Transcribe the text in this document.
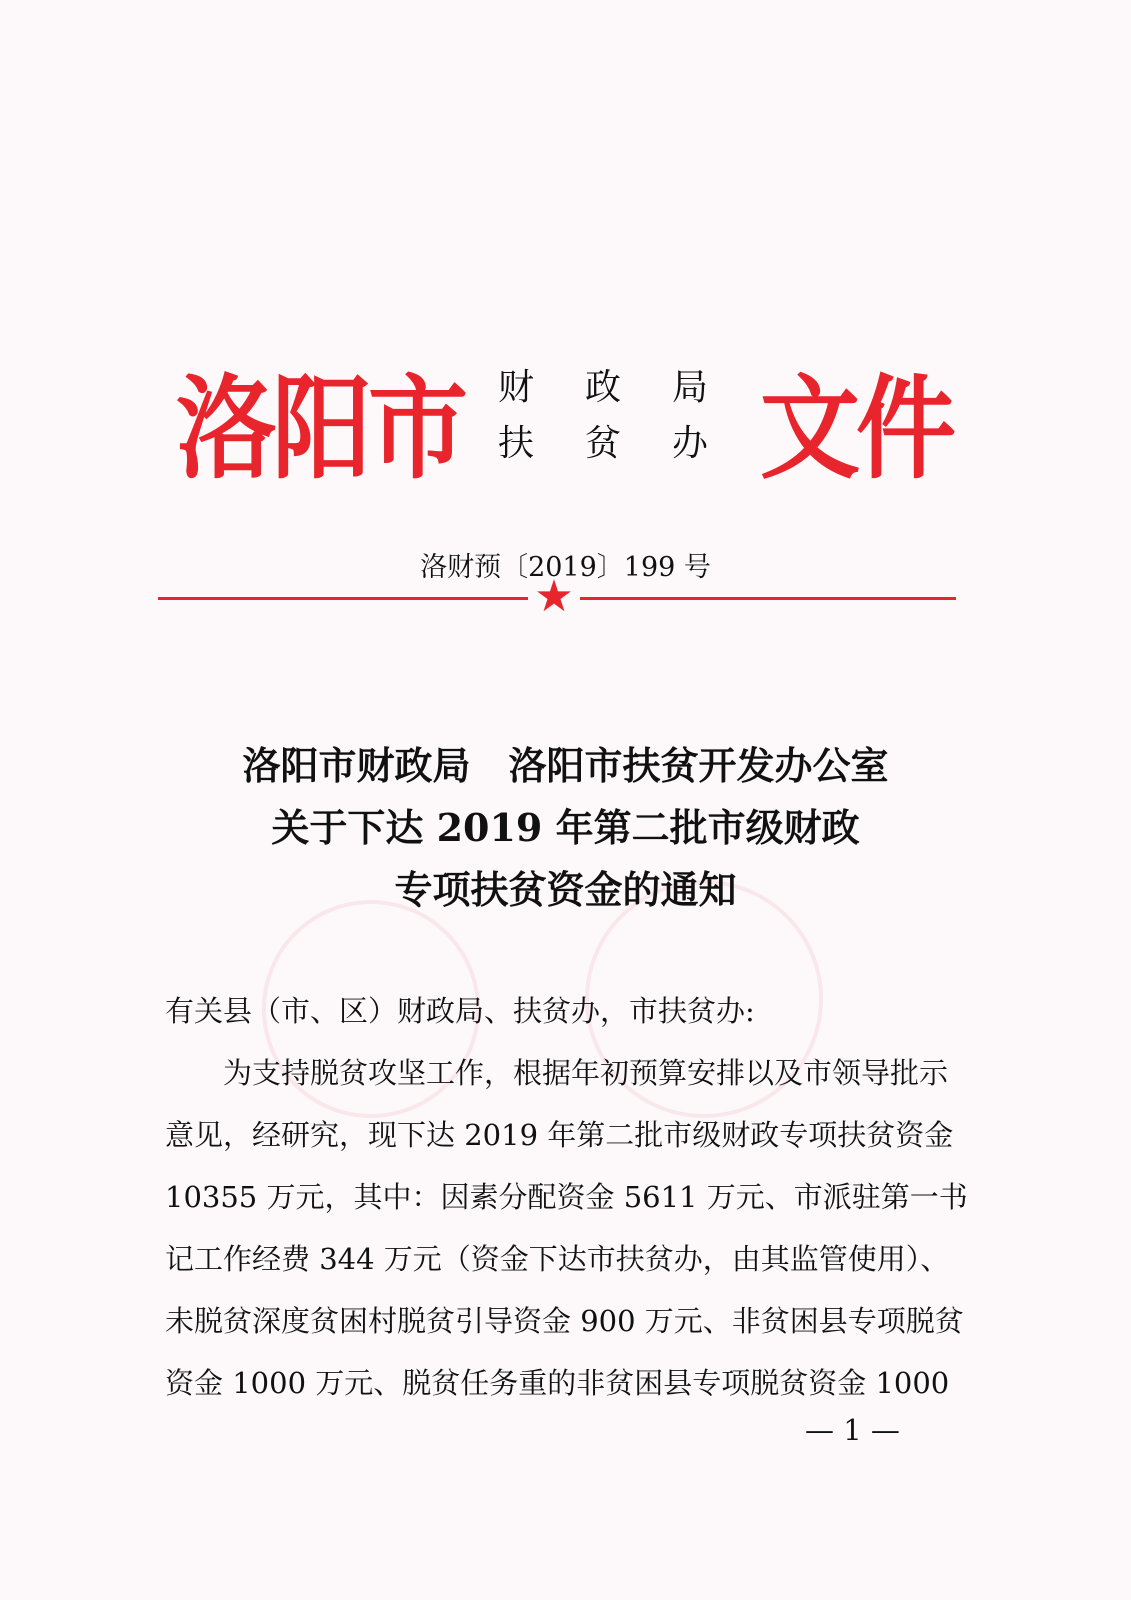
洛阳市 财 政 局
扶 贫 办 文件
洛财预〔2019〕199 号
★
洛阳市财政局　洛阳市扶贫开发办公室
关于下达 2019 年第二批市级财政
专项扶贫资金的通知
有关县（市、区）财政局、扶贫办，市扶贫办:
为支持脱贫攻坚工作，根据年初预算安排以及市领导批示
意见，经研究，现下达 2019 年第二批市级财政专项扶贫资金
10355 万元，其中：因素分配资金 5611 万元、市派驻第一书
记工作经费 344 万元（资金下达市扶贫办，由其监管使用）、
未脱贫深度贫困村脱贫引导资金 900 万元、非贫困县专项脱贫
资金 1000 万元、脱贫任务重的非贫困县专项脱贫资金 1000
— 1 —
